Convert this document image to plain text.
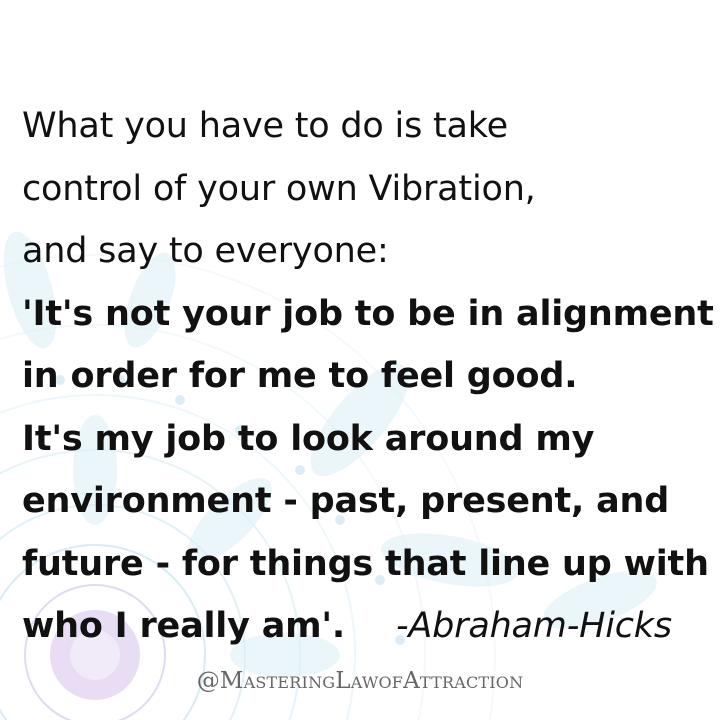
What you have to do is take
control of your own Vibration,
and say to everyone:
'It's not your job to be in alignment
in order for me to feel good.
It's my job to look around my
environment - past, present, and
future - for things that line up with
who I really am'. -Abraham-Hicks
@MasteringLawofAttraction
